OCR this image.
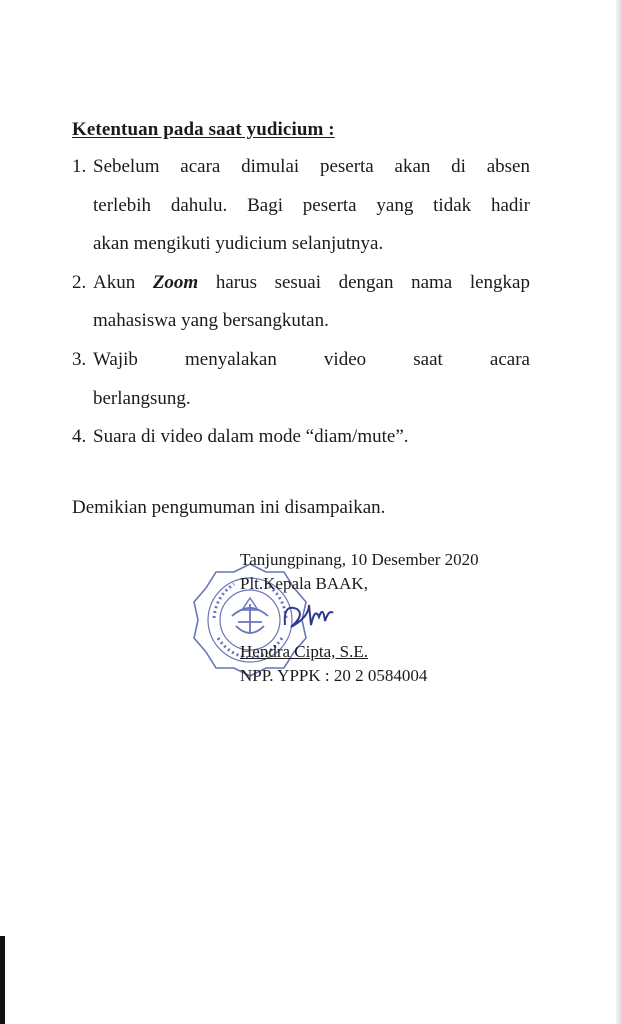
Ketentuan pada saat yudicium :
1. Sebelum acara dimulai peserta akan di absen
terlebih dahulu. Bagi peserta yang tidak hadir
akan mengikuti yudicium selanjutnya.
2. Akun Zoom harus sesuai dengan nama lengkap
mahasiswa yang bersangkutan.
3. Wajib menyalakan video saat acara
berlangsung.
4. Suara di video dalam mode “diam/mute”.
Demikian pengumuman ini disampaikan.
Tanjungpinang, 10 Desember 2020
Plt.Kepala BAAK,
Hendra Cipta, S.E.
NPP. YPPK : 20 2 0584004
